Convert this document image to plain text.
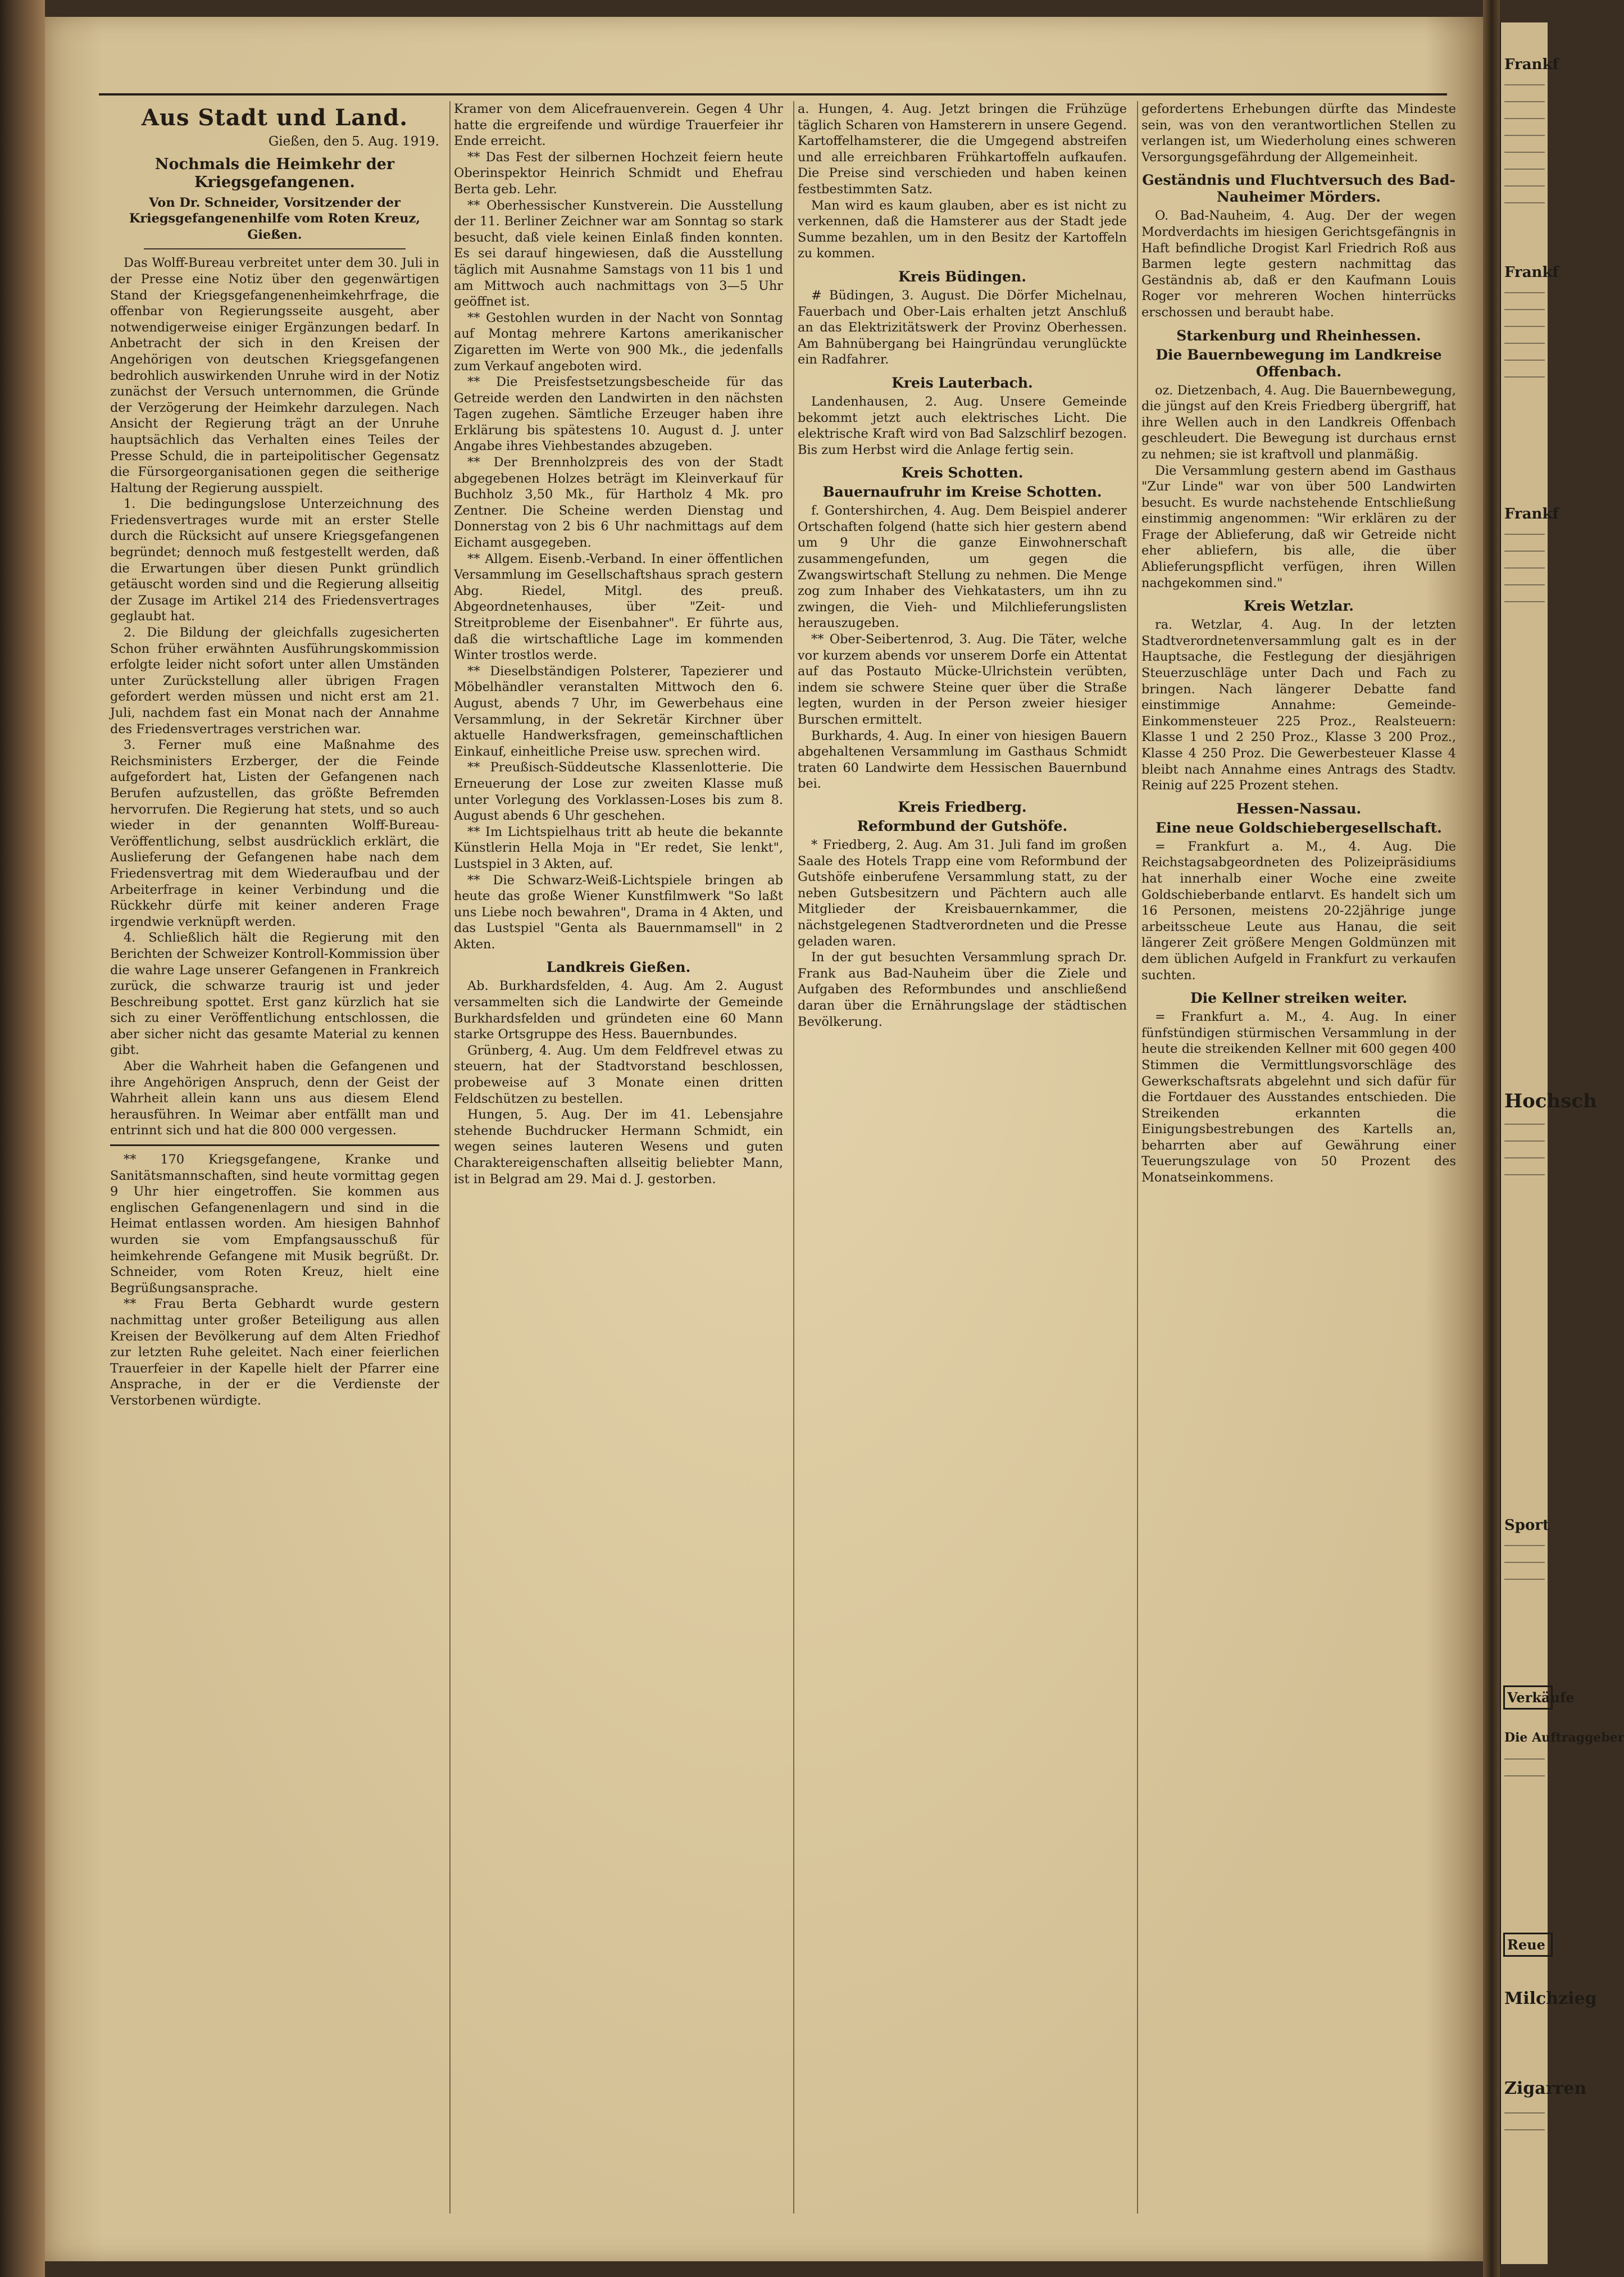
Aus Stadt und Land.
Gießen, den 5. Aug. 1919.
Nochmals die Heimkehr der Kriegsgefangenen.

Von Dr. Schneider, Vorsitzender der Kriegsgefangenenhilfe vom Roten Kreuz, Gießen.

Das Wolff-Bureau verbreitet unter dem 30. Juli in der Presse eine Notiz über den gegenwärtigen Stand der Kriegsgefangenenheimkehrfrage, die offenbar von Regierungsseite ausgeht, aber notwendigerweise einiger Ergänzungen bedarf. In Anbetracht der sich in den Kreisen der Angehörigen von deutschen Kriegsgefangenen bedrohlich auswirkenden Unruhe wird in der Notiz zunächst der Versuch unternommen, die Gründe der Verzögerung der Heimkehr darzulegen. Nach Ansicht der Regierung trägt an der Unruhe hauptsächlich das Verhalten eines Teiles der Presse Schuld, die in parteipolitischer Gegensatz die Fürsorgeorganisationen gegen die seitherige Haltung der Regierung ausspielt.

1. Die bedingungslose Unterzeichnung des Friedensvertrages wurde mit an erster Stelle durch die Rücksicht auf unsere Kriegsgefangenen begründet; dennoch muß festgestellt werden, daß die Erwartungen über diesen Punkt gründlich getäuscht worden sind und die Regierung allseitig der Zusage im Artikel 214 des Friedensvertrages geglaubt hat.

2. Die Bildung der gleichfalls zugesicherten Schon früher erwähnten Ausführungskommission erfolgte leider nicht sofort unter allen Umständen unter Zurückstellung aller übrigen Fragen gefordert werden müssen und nicht erst am 21. Juli, nachdem fast ein Monat nach der Annahme des Friedensvertrages verstrichen war.

3. Ferner muß eine Maßnahme des Reichsministers Erzberger, der die Feinde aufgefordert hat, Listen der Gefangenen nach Berufen aufzustellen, das größte Befremden hervorrufen. Die Regierung hat stets, und so auch wieder in der genannten Wolff-Bureau-Veröffentlichung, selbst ausdrücklich erklärt, die Auslieferung der Gefangenen habe nach dem Friedensvertrag mit dem Wiederaufbau und der Arbeiterfrage in keiner Verbindung und die Rückkehr dürfe mit keiner anderen Frage irgendwie verknüpft werden.

4. Schließlich hält die Regierung mit den Berichten der Schweizer Kontroll-Kommission über die wahre Lage unserer Gefangenen in Frankreich zurück, die schwarze traurig ist und jeder Beschreibung spottet. Erst ganz kürzlich hat sie sich zu einer Veröffentlichung entschlossen, die aber sicher nicht das gesamte Material zu kennen gibt.

Aber die Wahrheit haben die Gefangenen und ihre Angehörigen Anspruch, denn der Geist der Wahrheit allein kann uns aus diesem Elend herausführen. In Weimar aber entfällt man und entrinnt sich und hat die 800 000 vergessen.

** 170 Kriegsgefangene, Kranke und Sanitätsmannschaften, sind heute vormittag gegen 9 Uhr hier eingetroffen. Sie kommen aus englischen Gefangenenlagern und sind in die Heimat entlassen worden. Am hiesigen Bahnhof wurden sie vom Empfangsausschuß für heimkehrende Gefangene mit Musik begrüßt. Dr. Schneider, vom Roten Kreuz, hielt eine Begrüßungsansprache.

** Frau Berta Gebhardt wurde gestern nachmittag unter großer Beteiligung aus allen Kreisen der Bevölkerung auf dem Alten Friedhof zur letzten Ruhe geleitet. Nach einer feierlichen Trauerfeier in der Kapelle hielt der Pfarrer eine Ansprache, in der er die Verdienste der Verstorbenen würdigte.

Kramer von dem Alicefrauenverein. Gegen 4 Uhr hatte die ergreifende und würdige Trauerfeier ihr Ende erreicht.

** Das Fest der silbernen Hochzeit feiern heute Oberinspektor Heinrich Schmidt und Ehefrau Berta geb. Lehr.

** Oberhessischer Kunstverein. Die Ausstellung der 11. Berliner Zeichner war am Sonntag so stark besucht, daß viele keinen Einlaß finden konnten. Es sei darauf hingewiesen, daß die Ausstellung täglich mit Ausnahme Samstags von 11 bis 1 und am Mittwoch auch nachmittags von 3—5 Uhr geöffnet ist.

** Gestohlen wurden in der Nacht von Sonntag auf Montag mehrere Kartons amerikanischer Zigaretten im Werte von 900 Mk., die jedenfalls zum Verkauf angeboten wird.

** Die Preisfestsetzungsbescheide für das Getreide werden den Landwirten in den nächsten Tagen zugehen. Sämtliche Erzeuger haben ihre Erklärung bis spätestens 10. August d. J. unter Angabe ihres Viehbestandes abzugeben.

** Der Brennholzpreis des von der Stadt abgegebenen Holzes beträgt im Kleinverkauf für Buchholz 3,50 Mk., für Hartholz 4 Mk. pro Zentner. Die Scheine werden Dienstag und Donnerstag von 2 bis 6 Uhr nachmittags auf dem Eichamt ausgegeben.

** Allgem. Eisenb.-Verband. In einer öffentlichen Versammlung im Gesellschaftshaus sprach gestern Abg. Riedel, Mitgl. des preuß. Abgeordnetenhauses, über "Zeit- und Streitprobleme der Eisenbahner". Er führte aus, daß die wirtschaftliche Lage im kommenden Winter trostlos werde.

** Dieselbständigen Polsterer, Tapezierer und Möbelhändler veranstalten Mittwoch den 6. August, abends 7 Uhr, im Gewerbehaus eine Versammlung, in der Sekretär Kirchner über aktuelle Handwerksfragen, gemeinschaftlichen Einkauf, einheitliche Preise usw. sprechen wird.

** Preußisch-Süddeutsche Klassenlotterie. Die Erneuerung der Lose zur zweiten Klasse muß unter Vorlegung des Vorklassen-Loses bis zum 8. August abends 6 Uhr geschehen.

** Im Lichtspielhaus tritt ab heute die bekannte Künstlerin Hella Moja in "Er redet, Sie lenkt", Lustspiel in 3 Akten, auf.

** Die Schwarz-Weiß-Lichtspiele bringen ab heute das große Wiener Kunstfilmwerk "So laßt uns Liebe noch bewahren", Drama in 4 Akten, und das Lustspiel "Genta als Bauernmamsell" in 2 Akten.

Landkreis Gießen.

Ab. Burkhardsfelden, 4. Aug. Am 2. August versammelten sich die Landwirte der Gemeinde Burkhardsfelden und gründeten eine 60 Mann starke Ortsgruppe des Hess. Bauernbundes.

Grünberg, 4. Aug. Um dem Feldfrevel etwas zu steuern, hat der Stadtvorstand beschlossen, probeweise auf 3 Monate einen dritten Feldschützen zu bestellen.

Hungen, 5. Aug. Der im 41. Lebensjahre stehende Buchdrucker Hermann Schmidt, ein wegen seines lauteren Wesens und guten Charaktereigenschaften allseitig beliebter Mann, ist in Belgrad am 29. Mai d. J. gestorben.

a. Hungen, 4. Aug. Jetzt bringen die Frühzüge täglich Scharen von Hamsterern in unsere Gegend. Kartoffelhamsterer, die die Umgegend abstreifen und alle erreichbaren Frühkartoffeln aufkaufen. Die Preise sind verschieden und haben keinen festbestimmten Satz.

Man wird es kaum glauben, aber es ist nicht zu verkennen, daß die Hamsterer aus der Stadt jede Summe bezahlen, um in den Besitz der Kartoffeln zu kommen.

Kreis Büdingen.

# Büdingen, 3. August. Die Dörfer Michelnau, Fauerbach und Ober-Lais erhalten jetzt Anschluß an das Elektrizitätswerk der Provinz Oberhessen. Am Bahnübergang bei Haingründau verunglückte ein Radfahrer.

Kreis Lauterbach.

Landenhausen, 2. Aug. Unsere Gemeinde bekommt jetzt auch elektrisches Licht. Die elektrische Kraft wird von Bad Salzschlirf bezogen. Bis zum Herbst wird die Anlage fertig sein.

Kreis Schotten.
Bauernaufruhr im Kreise Schotten.

f. Gontershirchen, 4. Aug. Dem Beispiel anderer Ortschaften folgend (hatte sich hier gestern abend um 9 Uhr die ganze Einwohnerschaft zusammengefunden, um gegen die Zwangswirtschaft Stellung zu nehmen. Die Menge zog zum Inhaber des Viehkatasters, um ihn zu zwingen, die Vieh- und Milchlieferungslisten herauszugeben.

** Ober-Seibertenrod, 3. Aug. Die Täter, welche vor kurzem abends vor unserem Dorfe ein Attentat auf das Postauto Mücke-Ulrichstein verübten, indem sie schwere Steine quer über die Straße legten, wurden in der Person zweier hiesiger Burschen ermittelt.

Burkhards, 4. Aug. In einer von hiesigen Bauern abgehaltenen Versammlung im Gasthaus Schmidt traten 60 Landwirte dem Hessischen Bauernbund bei.

Kreis Friedberg.
Reformbund der Gutshöfe.

* Friedberg, 2. Aug. Am 31. Juli fand im großen Saale des Hotels Trapp eine vom Reformbund der Gutshöfe einberufene Versammlung statt, zu der neben Gutsbesitzern und Pächtern auch alle Mitglieder der Kreisbauernkammer, die nächstgelegenen Stadtverordneten und die Presse geladen waren.

In der gut besuchten Versammlung sprach Dr. Frank aus Bad-Nauheim über die Ziele und Aufgaben des Reformbundes und anschließend daran über die Ernährungslage der städtischen Bevölkerung.

gefordertens Erhebungen dürfte das Mindeste sein, was von den verantwortlichen Stellen zu verlangen ist, um Wiederholung eines schweren Versorgungsgefährdung der Allgemeinheit.

Geständnis und Fluchtversuch des Bad-Nauheimer Mörders.

O. Bad-Nauheim, 4. Aug. Der der wegen Mordverdachts im hiesigen Gerichtsgefängnis in Haft befindliche Drogist Karl Friedrich Roß aus Barmen legte gestern nachmittag das Geständnis ab, daß er den Kaufmann Louis Roger vor mehreren Wochen hinterrücks erschossen und beraubt habe.

Starkenburg und Rheinhessen.
Die Bauernbewegung im Landkreise Offenbach.

oz. Dietzenbach, 4. Aug. Die Bauernbewegung, die jüngst auf den Kreis Friedberg übergriff, hat ihre Wellen auch in den Landkreis Offenbach geschleudert. Die Bewegung ist durchaus ernst zu nehmen; sie ist kraftvoll und planmäßig.

Die Versammlung gestern abend im Gasthaus "Zur Linde" war von über 500 Landwirten besucht. Es wurde nachstehende Entschließung einstimmig angenommen: "Wir erklären zu der Frage der Ablieferung, daß wir Getreide nicht eher abliefern, bis alle, die über Ablieferungspflicht verfügen, ihren Willen nachgekommen sind."

Kreis Wetzlar.

ra. Wetzlar, 4. Aug. In der letzten Stadtverordnetenversammlung galt es in der Hauptsache, die Festlegung der diesjährigen Steuerzuschläge unter Dach und Fach zu bringen. Nach längerer Debatte fand einstimmige Annahme: Gemeinde-Einkommensteuer 225 Proz., Realsteuern: Klasse 1 und 2 250 Proz., Klasse 3 200 Proz., Klasse 4 250 Proz. Die Gewerbesteuer Klasse 4 bleibt nach Annahme eines Antrags des Stadtv. Reinig auf 225 Prozent stehen.

Hessen-Nassau.
Eine neue Goldschiebergesellschaft.

= Frankfurt a. M., 4. Aug. Die Reichstagsabgeordneten des Polizeipräsidiums hat innerhalb einer Woche eine zweite Goldschieberbande entlarvt. Es handelt sich um 16 Personen, meistens 20-22jährige junge arbeitsscheue Leute aus Hanau, die seit längerer Zeit größere Mengen Goldmünzen mit dem üblichen Aufgeld in Frankfurt zu verkaufen suchten.

Die Kellner streiken weiter.

= Frankfurt a. M., 4. Aug. In einer fünfstündigen stürmischen Versammlung in der heute die streikenden Kellner mit 600 gegen 400 Stimmen die Vermittlungsvorschläge des Gewerkschaftsrats abgelehnt und sich dafür für die Fortdauer des Ausstandes entschieden. Die Streikenden erkannten die Einigungsbestrebungen des Kartells an, beharrten aber auf Gewährung einer Teuerungszulage von 50 Prozent des Monatseinkommens.

Frankf
Frankf
Frankf
Hochsch
Sport
Verkäufe
Die Auftraggeber
Reue
Milchzieg
Zigarren
